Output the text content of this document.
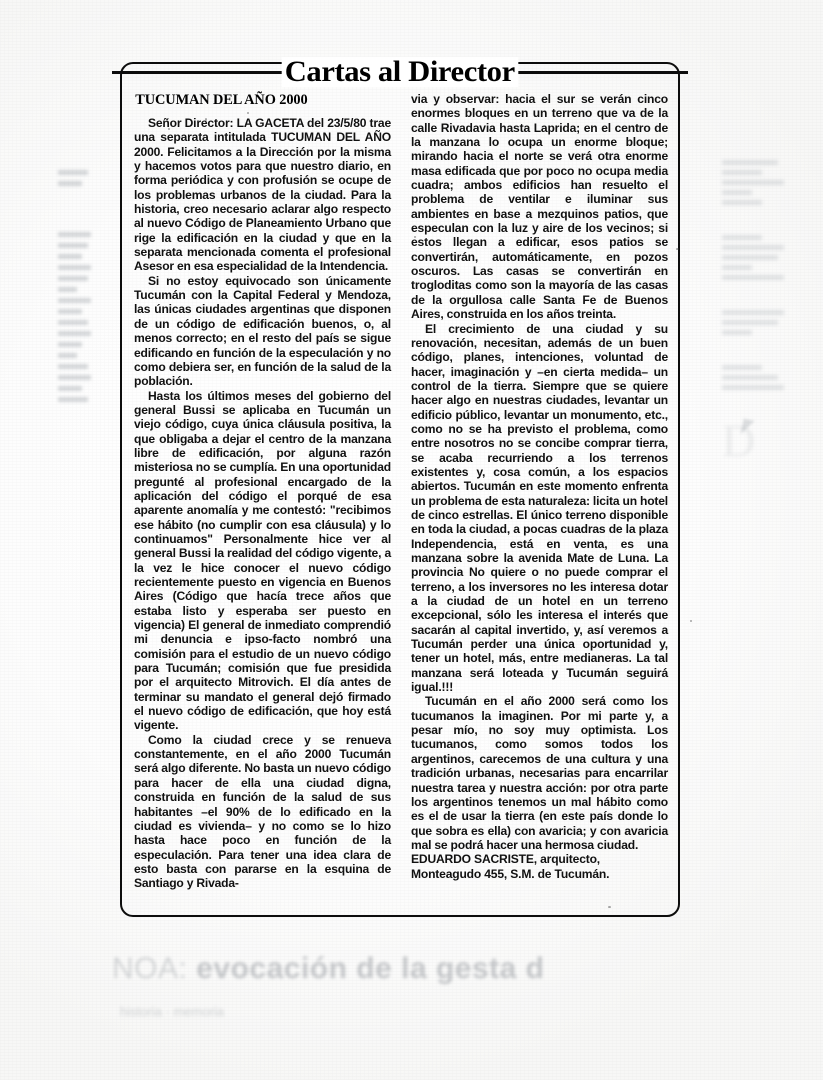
NOA: evocación de la gesta d
historia · memoria
Cartas al Director
TUCUMAN DEL AÑO 2000

Señor Director: LA GACETA del 23/5/80 trae una separata intitulada TUCUMAN DEL AÑO 2000. Felicitamos a la Dirección por la misma y hacemos votos para que nuestro diario, en forma periódica y con profusión se ocupe de los problemas urbanos de la ciudad. Para la historia, creo necesario aclarar algo respecto al nuevo Código de Planeamiento Urbano que rige la edificación en la ciudad y que en la separata mencionada comenta el profesional Asesor en esa especialidad de la Intendencia.

Si no estoy equivocado son únicamente Tucumán con la Capital Federal y Mendoza, las únicas ciudades argentinas que disponen de un código de edificación buenos, o, al menos correcto; en el resto del país se sigue edificando en función de la especulación y no como debiera ser, en función de la salud de la población.

Hasta los últimos meses del gobierno del general Bussi se aplicaba en Tucumán un viejo código, cuya única cláusula positiva, la que obligaba a dejar el centro de la manzana libre de edificación, por alguna razón misteriosa no se cumplía. En una oportunidad pregunté al profesional encargado de la aplicación del código el porqué de esa aparente anomalía y me contestó: "recibimos ese hábito (no cumplir con esa cláusula) y lo continuamos" Personalmente hice ver al general Bussi la realidad del código vigente, a la vez le hice conocer el nuevo código recientemente puesto en vigencia en Buenos Aires (Código que hacía trece años que estaba listo y esperaba ser puesto en vigencia) El general de inmediato comprendió mi denuncia e ipso-facto nombró una comisión para el estudio de un nuevo código para Tucumán; comisión que fue presidida por el arquitecto Mitrovich. El día antes de terminar su mandato el general dejó firmado el nuevo código de edificación, que hoy está vigente.

Como la ciudad crece y se renueva constantemente, en el año 2000 Tucumán será algo diferente. No basta un nuevo código para hacer de ella una ciudad digna, construida en función de la salud de sus habitantes –el 90% de lo edificado en la ciudad es vivienda– y no como se lo hizo hasta hace poco en función de la especulación. Para tener una idea clara de esto basta con pararse en la esquina de Santiago y Rivada-

via y observar: hacia el sur se verán cinco enormes bloques en un terreno que va de la calle Rivadavia hasta Laprida; en el centro de la manzana lo ocupa un enorme bloque; mirando hacia el norte se verá otra enorme masa edificada que por poco no ocupa media cuadra; ambos edificios han resuelto el problema de ventilar e iluminar sus ambientes en base a mezquinos patios, que especulan con la luz y aire de los vecinos; si estos llegan a edificar, esos patios se convertirán, automáticamente, en pozos oscuros. Las casas se convertirán en trogloditas como son la mayoría de las casas de la orgullosa calle Santa Fe de Buenos Aires, construida en los años treinta.

El crecimiento de una ciudad y su renovación, necesitan, además de un buen código, planes, intenciones, voluntad de hacer, imaginación y –en cierta medida– un control de la tierra. Siempre que se quiere hacer algo en nuestras ciudades, levantar un edificio público, levantar un monumento, etc., como no se ha previsto el problema, como entre nosotros no se concibe comprar tierra, se acaba recurriendo a los terrenos existentes y, cosa común, a los espacios abiertos. Tucumán en este momento enfrenta un problema de esta naturaleza: licita un hotel de cinco estrellas. El único terreno disponible en toda la ciudad, a pocas cuadras de la plaza Independencia, está en venta, es una manzana sobre la avenida Mate de Luna. La provincia No quiere o no puede comprar el terreno, a los inversores no les interesa dotar a la ciudad de un hotel en un terreno excepcional, sólo les interesa el interés que sacarán al capital invertido, y, así veremos a Tucumán perder una única oportunidad y, tener un hotel, más, entre medianeras. La tal manzana será loteada y Tucumán seguirá igual.!!!

Tucumán en el año 2000 será como los tucumanos la imaginen. Por mi parte y, a pesar mío, no soy muy optimista. Los tucumanos, como somos todos los argentinos, carecemos de una cultura y una tradición urbanas, necesarias para encarrilar nuestra tarea y nuestra acción: por otra parte los argentinos tenemos un mal hábito como es el de usar la tierra (en este país donde lo que sobra es ella) con avaricia; y con avaricia mal se podrá hacer una hermosa ciudad.

EDUARDO SACRISTE, arquitecto,
Monteagudo 455, S.M. de Tucumán.
